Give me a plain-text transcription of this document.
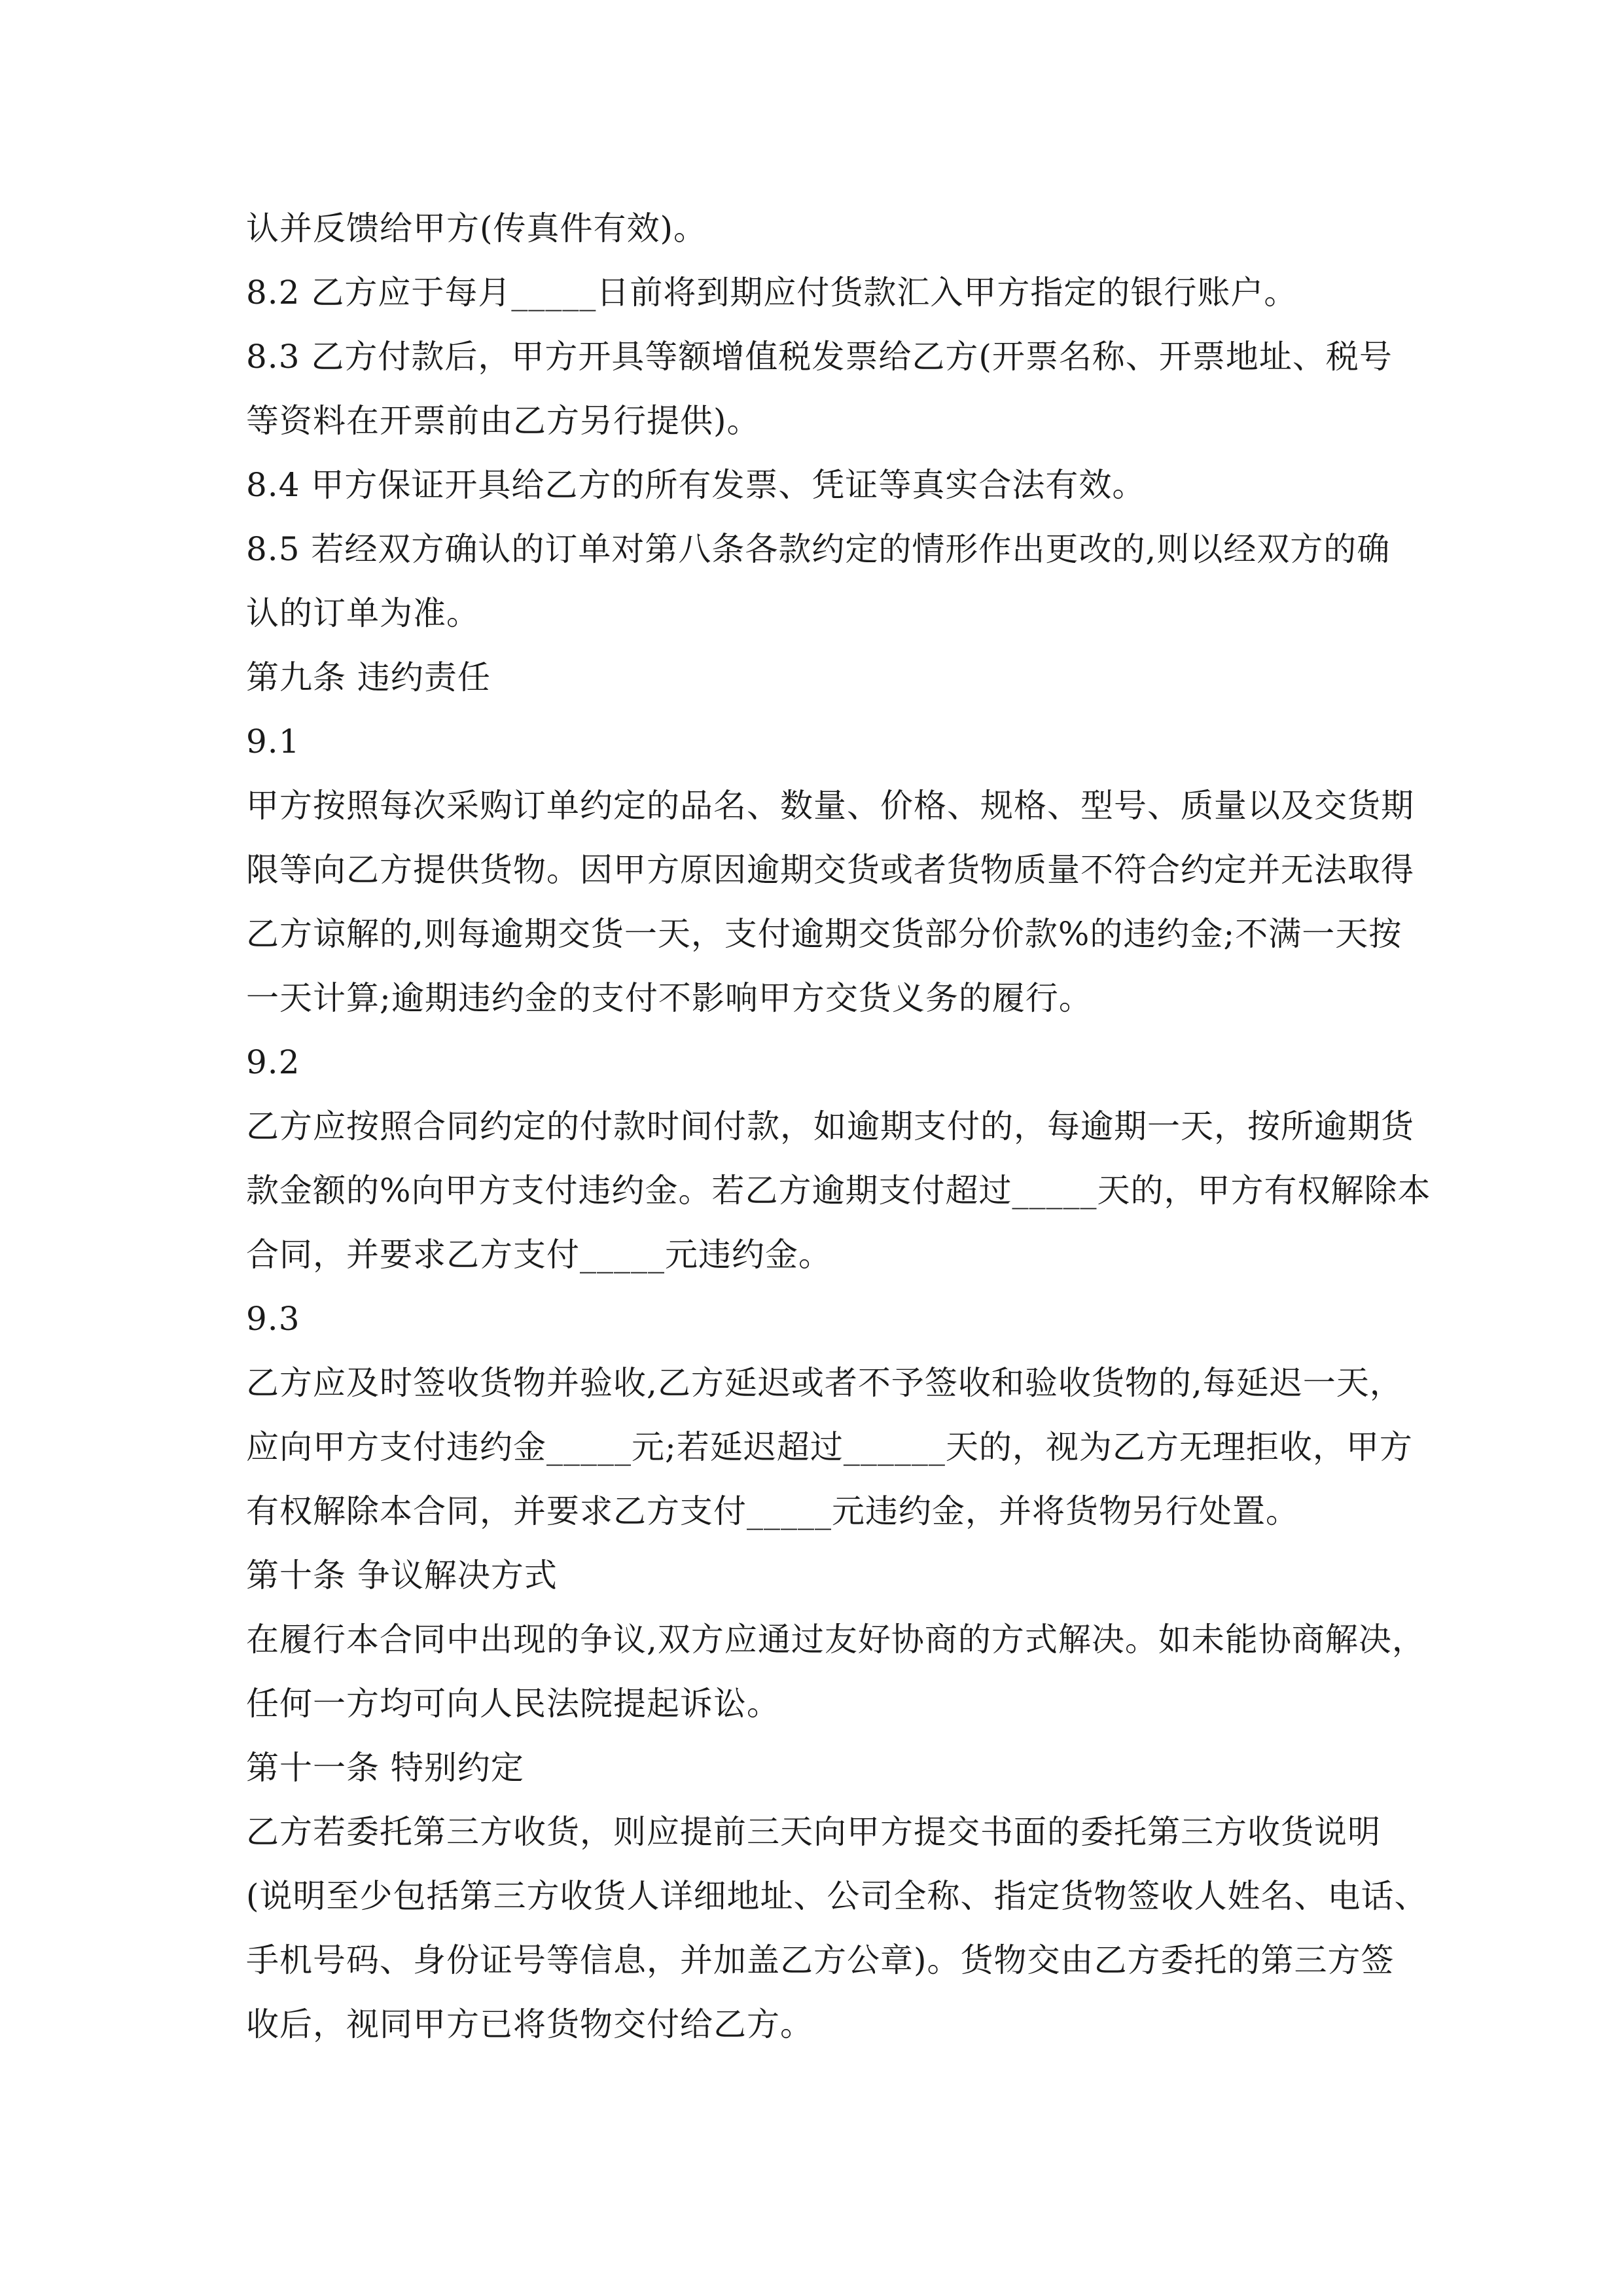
认并反馈给甲方(传真件有效)。
8.2 乙方应于每月_____日前将到期应付货款汇入甲方指定的银行账户。
8.3 乙方付款后，甲方开具等额增值税发票给乙方(开票名称、开票地址、税号
等资料在开票前由乙方另行提供)。
8.4 甲方保证开具给乙方的所有发票、凭证等真实合法有效。
8.5 若经双方确认的订单对第八条各款约定的情形作出更改的,则以经双方的确
认的订单为准。
第九条 违约责任
9.1
甲方按照每次采购订单约定的品名、数量、价格、规格、型号、质量以及交货期
限等向乙方提供货物。因甲方原因逾期交货或者货物质量不符合约定并无法取得
乙方谅解的,则每逾期交货一天，支付逾期交货部分价款%的违约金;不满一天按
一天计算;逾期违约金的支付不影响甲方交货义务的履行。
9.2
乙方应按照合同约定的付款时间付款，如逾期支付的，每逾期一天，按所逾期货
款金额的%向甲方支付违约金。若乙方逾期支付超过_____天的，甲方有权解除本
合同，并要求乙方支付_____元违约金。
9.3
乙方应及时签收货物并验收,乙方延迟或者不予签收和验收货物的,每延迟一天，
应向甲方支付违约金_____元;若延迟超过______天的，视为乙方无理拒收，甲方
有权解除本合同，并要求乙方支付_____元违约金，并将货物另行处置。
第十条 争议解决方式
在履行本合同中出现的争议,双方应通过友好协商的方式解决。如未能协商解决，
任何一方均可向人民法院提起诉讼。
第十一条 特别约定
乙方若委托第三方收货，则应提前三天向甲方提交书面的委托第三方收货说明
(说明至少包括第三方收货人详细地址、公司全称、指定货物签收人姓名、电话、
手机号码、身份证号等信息，并加盖乙方公章)。货物交由乙方委托的第三方签
收后，视同甲方已将货物交付给乙方。
